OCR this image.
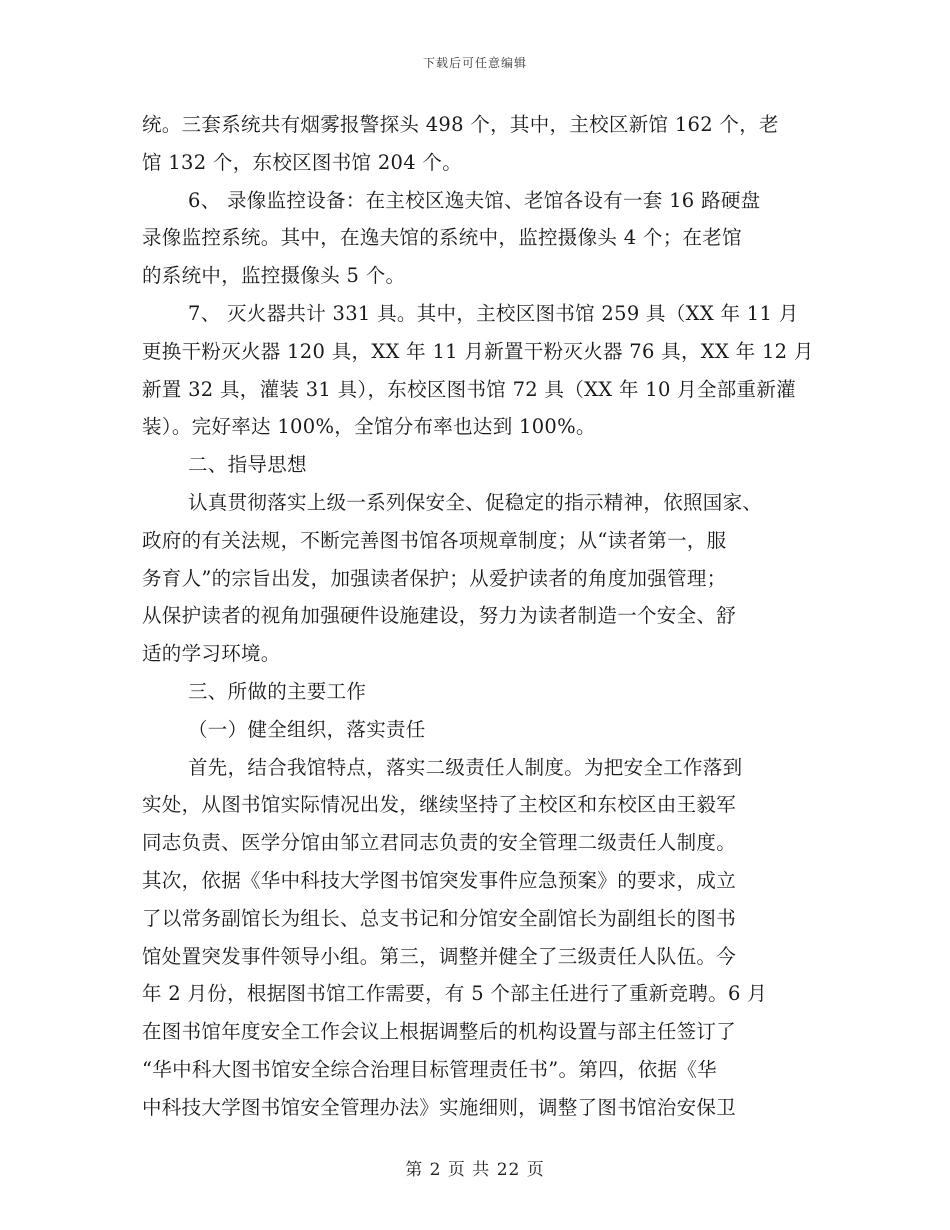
下载后可任意编辑
统。三套系统共有烟雾报警探头 498 个，其中，主校区新馆 162 个，老
馆 132 个，东校区图书馆 204 个。
6、 录像监控设备：在主校区逸夫馆、老馆各设有一套 16 路硬盘
录像监控系统。其中，在逸夫馆的系统中，监控摄像头 4 个；在老馆
的系统中，监控摄像头 5 个。
7、 灭火器共计 331 具。其中，主校区图书馆 259 具（XX 年 11 月
更换干粉灭火器 120 具，XX 年 11 月新置干粉灭火器 76 具，XX 年 12 月
新置 32 具，灌装 31 具），东校区图书馆 72 具（XX 年 10 月全部重新灌
装）。完好率达 100%，全馆分布率也达到 100%。
二、指导思想
认真贯彻落实上级一系列保安全、促稳定的指示精神，依照国家、
政府的有关法规，不断完善图书馆各项规章制度；从“读者第一，服
务育人”的宗旨出发，加强读者保护；从爱护读者的角度加强管理；
从保护读者的视角加强硬件设施建设，努力为读者制造一个安全、舒
适的学习环境。
三、所做的主要工作
（一）健全组织，落实责任
首先，结合我馆特点，落实二级责任人制度。为把安全工作落到
实处，从图书馆实际情况出发，继续坚持了主校区和东校区由王毅军
同志负责、医学分馆由邹立君同志负责的安全管理二级责任人制度。
其次，依据《华中科技大学图书馆突发事件应急预案》的要求，成立
了以常务副馆长为组长、总支书记和分馆安全副馆长为副组长的图书
馆处置突发事件领导小组。第三，调整并健全了三级责任人队伍。今
年 2 月份，根据图书馆工作需要，有 5 个部主任进行了重新竞聘。6 月
在图书馆年度安全工作会议上根据调整后的机构设置与部主任签订了
“华中科大图书馆安全综合治理目标管理责任书”。第四，依据《华
中科技大学图书馆安全管理办法》实施细则，调整了图书馆治安保卫
第 2 页 共 22 页
